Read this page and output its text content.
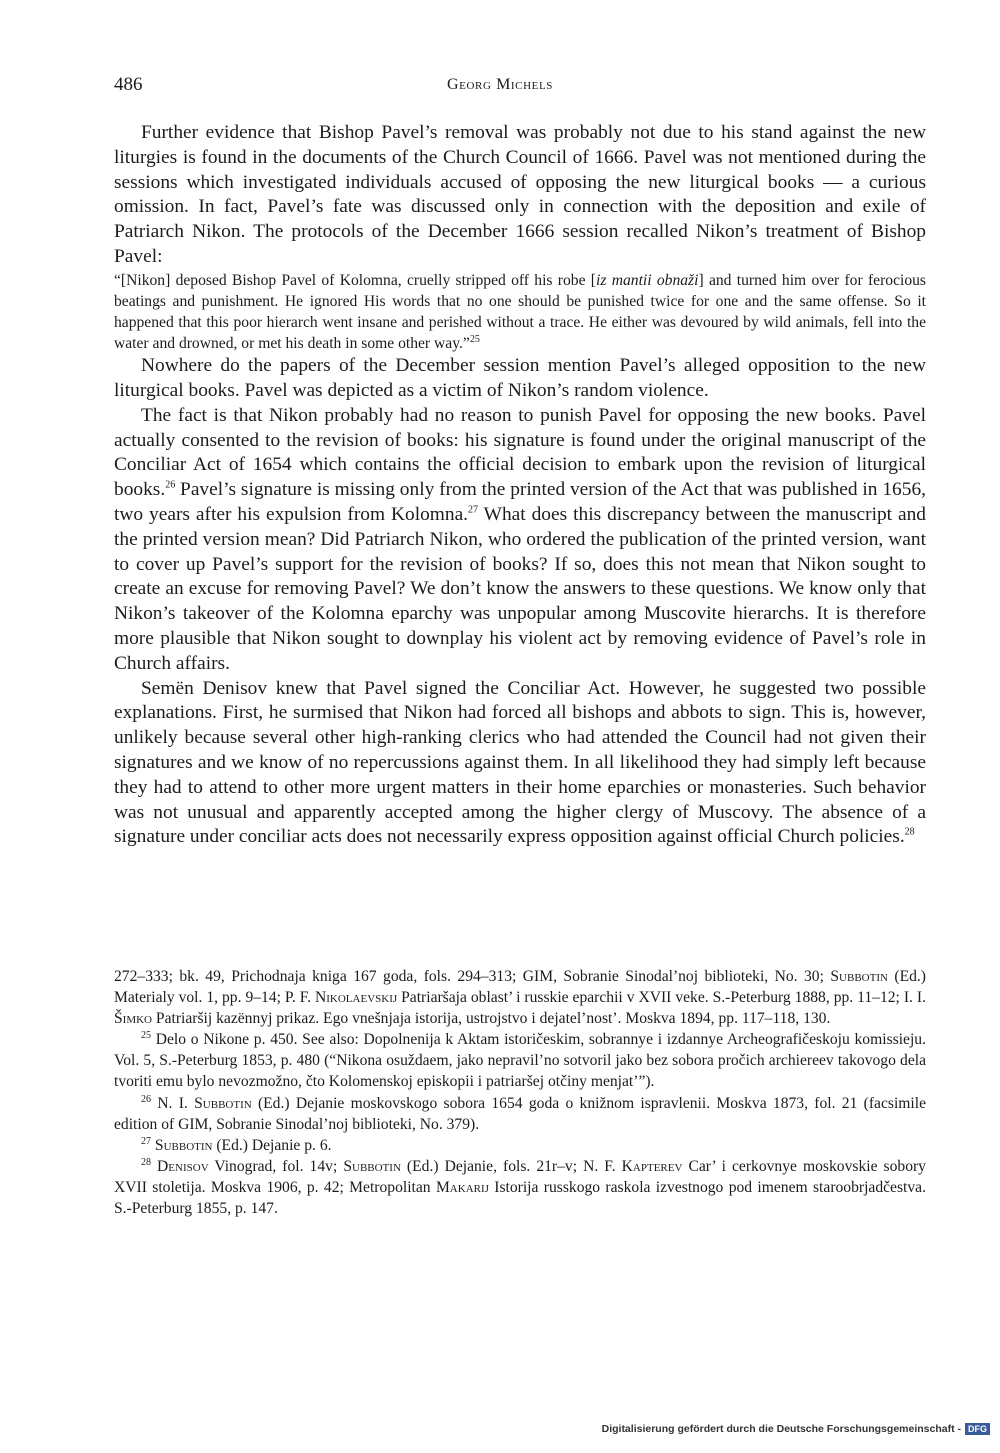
486	Georg Michels

Further evidence that Bishop Pavel’s removal was probably not due to his stand against the new liturgies is found in the documents of the Church Council of 1666. Pavel was not mentioned during the sessions which investigated individuals accused of opposing the new liturgical books — a curious omission. In fact, Pavel’s fate was discussed only in connection with the deposition and exile of Patriarch Nikon. The protocols of the December 1666 session recalled Nikon’s treatment of Bishop Pavel:

“[Nikon] deposed Bishop Pavel of Kolomna, cruelly stripped off his robe [iz mantii obnaži] and turned him over for ferocious beatings and punishment. He ignored His words that no one should be punished twice for one and the same offense. So it happened that this poor hierarch went insane and perished without a trace. He either was devoured by wild animals, fell into the water and drowned, or met his death in some other way.”$^{25}$

Nowhere do the papers of the December session mention Pavel’s alleged opposition to the new liturgical books. Pavel was depicted as a victim of Nikon’s random violence.

The fact is that Nikon probably had no reason to punish Pavel for opposing the new books. Pavel actually consented to the revision of books: his signature is found under the original manuscript of the Conciliar Act of 1654 which contains the official decision to embark upon the revision of liturgical books.$^{26}$ Pavel’s signature is missing only from the printed version of the Act that was published in 1656, two years after his expulsion from Kolomna.$^{27}$ What does this discrepancy between the manuscript and the printed version mean? Did Patriarch Nikon, who ordered the publication of the printed version, want to cover up Pavel’s support for the revision of books? If so, does this not mean that Nikon sought to create an excuse for removing Pavel? We don’t know the answers to these questions. We know only that Nikon’s takeover of the Kolomna eparchy was unpopular among Muscovite hierarchs. It is therefore more plausible that Nikon sought to downplay his violent act by removing evidence of Pavel’s role in Church affairs.

Semën Denisov knew that Pavel signed the Conciliar Act. However, he suggested two possible explanations. First, he surmised that Nikon had forced all bishops and abbots to sign. This is, however, unlikely because several other high-ranking clerics who had attended the Council had not given their signatures and we know of no repercussions against them. In all likelihood they had simply left because they had to attend to other more urgent matters in their home eparchies or monasteries. Such behavior was not unusual and apparently accepted among the higher clergy of Muscovy. The absence of a signature under conciliar acts does not necessarily express opposition against official Church policies.$^{28}$

272–333; bk. 49, Prichodnaja kniga 167 goda, fols. 294–313; GIM, Sobranie Sinodal’noj biblioteki, No. 30; Subbotin (Ed.) Materialy vol. 1, pp. 9–14; P. F. Nikolaevskij Patriaršaja oblast’ i russkie eparchii v XVII veke. S.-Peterburg 1888, pp. 11–12; I. I. Šimko Patriaršij kazënnyj prikaz. Ego vnešnjaja istorija, ustrojstvo i dejatel’nost’. Moskva 1894, pp. 117–118, 130.

$^{25}$ Delo o Nikone p. 450. See also: Dopolnenija k Aktam istoričeskim, sobrannye i izdannye Archeografičeskoju komissieju. Vol. 5, S.-Peterburg 1853, p. 480 (“Nikona osuždaem, jako nepravil’no sotvoril jako bez sobora pročich archiereev takovogo dela tvoriti emu bylo nevozmožno, čto Kolomenskoj episkopii i patriaršej otčiny menjat’”).

$^{26}$ N. I. Subbotin (Ed.) Dejanie moskovskogo sobora 1654 goda o knižnom ispravlenii. Moskva 1873, fol. 21 (facsimile edition of GIM, Sobranie Sinodal’noj biblioteki, No. 379).

$^{27}$ Subbotin (Ed.) Dejanie p. 6.

$^{28}$ Denisov Vinograd, fol. 14v; Subbotin (Ed.) Dejanie, fols. 21r–v; N. F. Kapterev Car’ i cerkovnye moskovskie sobory XVII stoletija. Moskva 1906, p. 42; Metropolitan Makarij Istorija russkogo raskola izvestnogo pod imenem staroobrjadčestva. S.-Peterburg 1855, p. 147.

Digitalisierung gefördert durch die Deutsche Forschungsgemeinschaft - DFG
